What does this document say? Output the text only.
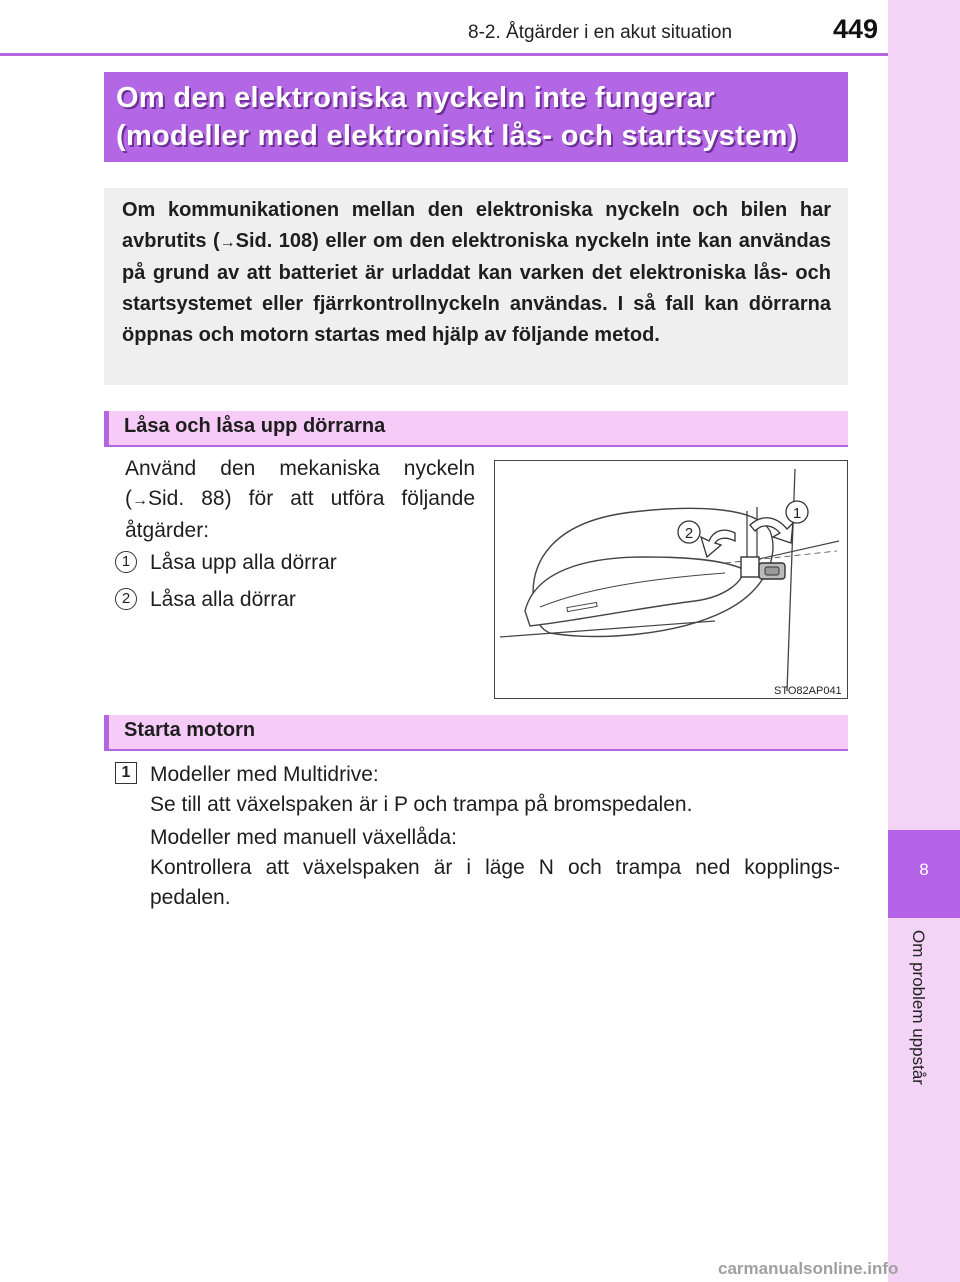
8-2. Åtgärder i en akut situation	449
8
Om problem uppstår
Om den elektroniska nyckeln inte fungerar
(modeller med elektroniskt lås- och startsystem)
Om kommunikationen mellan den elektroniska nyckeln och bilen har avbrutits (→Sid. 108) eller om den elektroniska nyckeln inte kan användas på grund av att batteriet är urladdat kan varken det elektroniska lås- och startsystemet eller fjärrkontrollnyckeln användas. I så fall kan dörrarna öppnas och motorn startas med hjälp av följande metod.
Låsa och låsa upp dörrarna
Använd den mekaniska nyckeln
(→Sid. 88) för att utföra följande
åtgärder:
1 Låsa upp alla dörrar
2 Låsa alla dörrar
1
2
STO82AP041
Starta motorn
1 Modeller med Multidrive:
Se till att växelspaken är i P och trampa på bromspedalen.
Modeller med manuell växellåda:
Kontrollera att växelspaken är i läge N och trampa ned kopplings-
pedalen.
carmanualsonline.info
